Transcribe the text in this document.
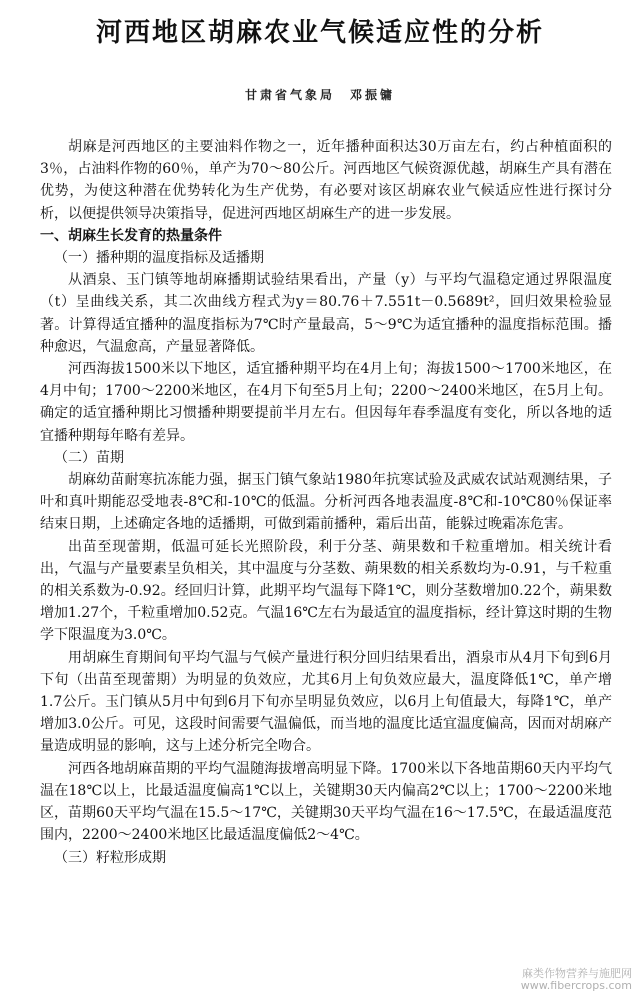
河西地区胡麻农业气候适应性的分析
甘肃省气象局　邓振镛

胡麻是河西地区的主要油料作物之一，近年播种面积达30万亩左右，约占种植面积的3％，占油料作物的60％，单产为70～80公斤。河西地区气候资源优越，胡麻生产具有潜在优势，为使这种潜在优势转化为生产优势，有必要对该区胡麻农业气候适应性进行探讨分析，以便提供领导决策指导，促进河西地区胡麻生产的进一步发展。

一、胡麻生长发育的热量条件

（一）播种期的温度指标及适播期

从酒泉、玉门镇等地胡麻播期试验结果看出，产量（y）与平均气温稳定通过界限温度（t）呈曲线关系，其二次曲线方程式为y＝80.76＋7.551t－0.5689t²，回归效果检验显著。计算得适宜播种的温度指标为7℃时产量最高，5～9℃为适宜播种的温度指标范围。播种愈迟，气温愈高，产量显著降低。

河西海拔1500米以下地区，适宜播种期平均在4月上旬；海拔1500～1700米地区，在4月中旬；1700～2200米地区，在4月下旬至5月上旬；2200～2400米地区，在5月上旬。确定的适宜播种期比习惯播种期要提前半月左右。但因每年春季温度有变化，所以各地的适宜播种期每年略有差异。

（二）苗期

胡麻幼苗耐寒抗冻能力强，据玉门镇气象站1980年抗寒试验及武威农试站观测结果，子叶和真叶期能忍受地表-8℃和-10℃的低温。分析河西各地表温度-8℃和-10℃80％保证率结束日期，上述确定各地的适播期，可做到霜前播种，霜后出苗，能躲过晚霜冻危害。

出苗至现蕾期，低温可延长光照阶段，利于分茎、蒴果数和千粒重增加。相关统计看出，气温与产量要素呈负相关，其中温度与分茎数、蒴果数的相关系数均为-0.91，与千粒重的相关系数为-0.92。经回归计算，此期平均气温每下降1℃，则分茎数增加0.22个，蒴果数增加1.27个，千粒重增加0.52克。气温16℃左右为最适宜的温度指标，经计算这时期的生物学下限温度为3.0℃。

用胡麻生育期间旬平均气温与气候产量进行积分回归结果看出，酒泉市从4月下旬到6月下旬（出苗至现蕾期）为明显的负效应，尤其6月上旬负效应最大，温度降低1℃，单产增1.7公斤。玉门镇从5月中旬到6月下旬亦呈明显负效应，以6月上旬值最大，每降1℃，单产增加3.0公斤。可见，这段时间需要气温偏低，而当地的温度比适宜温度偏高，因而对胡麻产量造成明显的影响，这与上述分析完全吻合。

河西各地胡麻苗期的平均气温随海拔增高明显下降。1700米以下各地苗期60天内平均气温在18℃以上，比最适温度偏高1℃以上，关键期30天内偏高2℃以上；1700～2200米地区，苗期60天平均气温在15.5～17℃，关键期30天平均气温在16～17.5℃，在最适温度范围内，2200～2400米地区比最适温度偏低2～4℃。

（三）籽粒形成期

麻类作物营养与施肥网
www.fibercrops.com
